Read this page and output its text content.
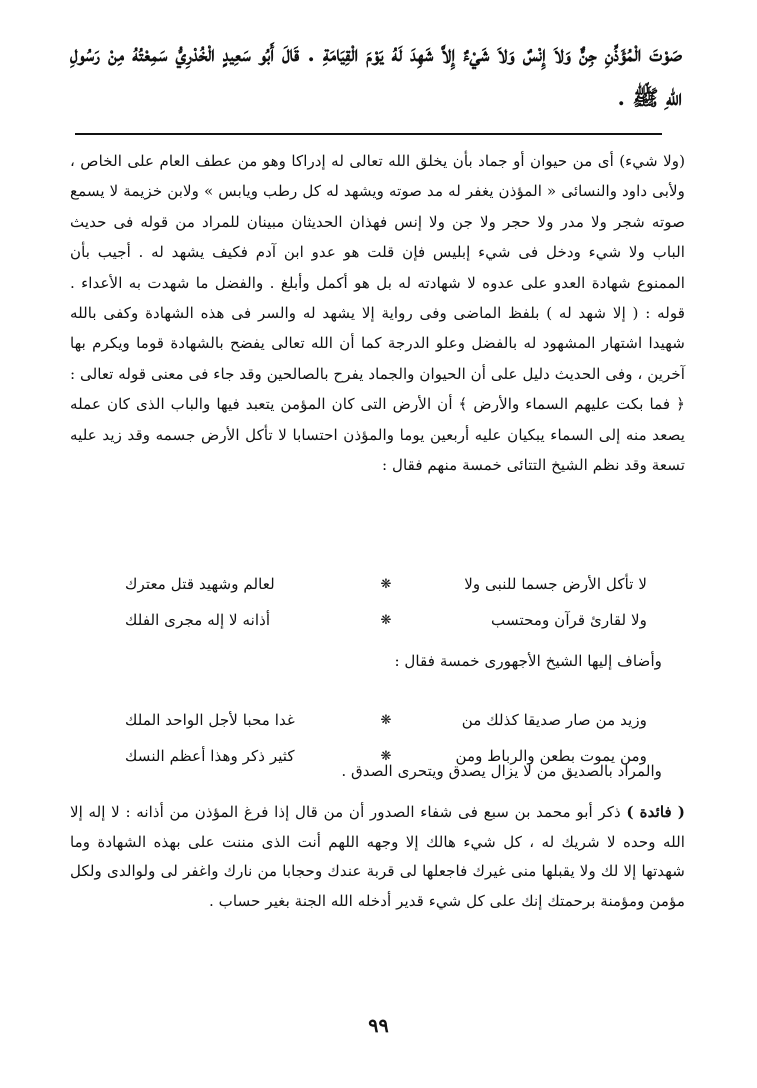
صَوْتَ الْمُؤَذِّنِ جِنٌّ وَلاَ إِنْسٌ وَلاَ شَيْءٌ إِلاَّ شَهِدَ لَهُ يَوْمَ الْقِيَامَةِ . قَالَ أَبُو سَعِيدٍ الْخُدْرِيُّ سَمِعْتُهُ مِنْ رَسُولِ اللهِ ﷺ .

(ولا شيء) أى من حيوان أو جماد بأن يخلق الله تعالى له إدراكا وهو من عطف العام على الخاص ، ولأبى داود والنسائى « المؤذن يغفر له مد صوته ويشهد له كل رطب ويابس » ولابن خزيمة لا يسمع صوته شجر ولا مدر ولا حجر ولا جن ولا إنس فهذان الحديثان مبينان للمراد من قوله فى حديث الباب ولا شيء ودخل فى شيء إبليس فإن قلت هو عدو ابن آدم فكيف يشهد له . أجيب بأن الممنوع شهادة العدو على عدوه لا شهادته له بل هو أكمل وأبلغ . والفضل ما شهدت به الأعداء . قوله : ( إلا شهد له ) بلفظ الماضى وفى رواية إلا يشهد له والسر فى هذه الشهادة وكفى بالله شهيدا اشتهار المشهود له بالفضل وعلو الدرجة كما أن الله تعالى يفضح بالشهادة قوما ويكرم بها آخرين ، وفى الحديث دليل على أن الحيوان والجماد يفرح بالصالحين وقد جاء فى معنى قوله تعالى : ﴿ فما بكت عليهم السماء والأرض ﴾ أن الأرض التى كان المؤمن يتعبد فيها والباب الذى كان عمله يصعد منه إلى السماء يبكيان عليه أربعين يوما والمؤذن احتسابا لا تأكل الأرض جسمه وقد زيد عليه تسعة وقد نظم الشيخ التتائى خمسة منهم فقال :

لا تأكل الأرض جسما للنبى ولا
❋
لعالم وشهيد قتل معترك
ولا لقارئ قرآن ومحتسب
❋
أذانه لا إله مجرى الفلك
وأضاف إليها الشيخ الأجهورى خمسة فقال :
وزيد من صار صديقا كذلك من
❋
غدا محبا لأجل الواحد الملك
ومن يموت بطعن والرباط ومن
❋
كثير ذكر وهذا أعظم النسك
والمراد بالصديق من لا يزال يصدق ويتحرى الصدق .

( فائدة ) ذكر أبو محمد بن سبع فى شفاء الصدور أن من قال إذا فرغ المؤذن من أذانه : لا إله إلا الله وحده لا شريك له ، كل شيء هالك إلا وجهه اللهم أنت الذى مننت على بهذه الشهادة وما شهدتها إلا لك ولا يقبلها منى غيرك فاجعلها لى قربة عندك وحجابا من نارك واغفر لى ولوالدى ولكل مؤمن ومؤمنة برحمتك إنك على كل شيء قدير أدخله الله الجنة بغير حساب .

٩٩
